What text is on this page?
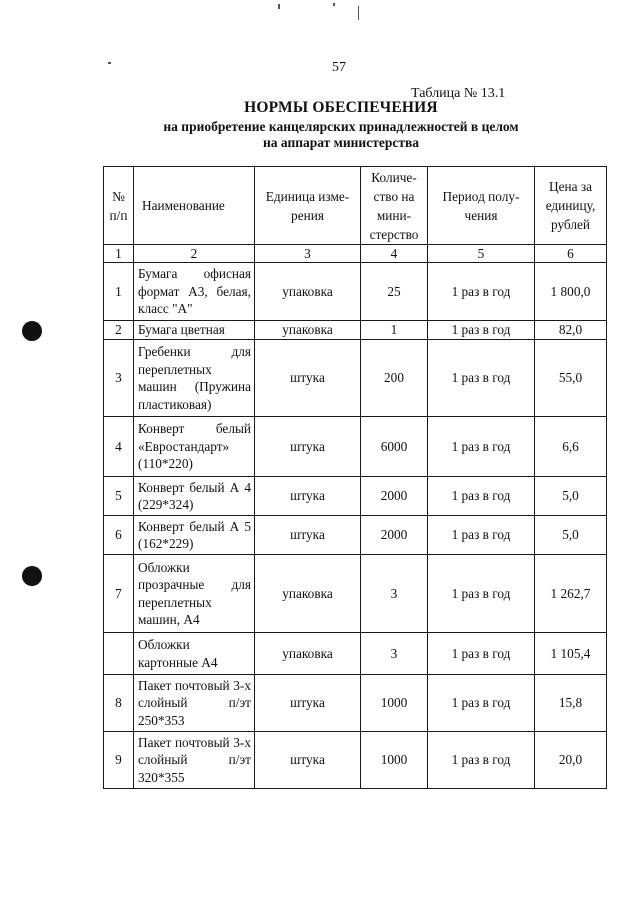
57
Таблица № 13.1
НОРМЫ ОБЕСПЕЧЕНИЯ
на приобретение канцелярских принадлежностей в целом
на аппарат министерства
№ п/п	Наименование	Единица изме-рения	Количе-ство на мини-стерство	Период полу-чения	Цена за единицу, рублей
1	2	3	4	5	6
1	Бумага офисная формат А3, белая, класс "А"	упаковка	25	1 раз в год	1 800,0
2	Бумага цветная	упаковка	1	1 раз в год	82,0
3	Гребенки для переплетных машин (Пружина пластиковая)	штука	200	1 раз в год	55,0
4	Конверт белый «Евростандарт» (110*220)	штука	6000	1 раз в год	6,6
5	Конверт белый А 4 (229*324)	штука	2000	1 раз в год	5,0
6	Конверт белый А 5 (162*229)	штука	2000	1 раз в год	5,0
7	Обложки прозрачные для переплетных машин, А4	упаковка	3	1 раз в год	1 262,7
	Обложки картонные А4	упаковка	3	1 раз в год	1 105,4
8	Пакет почтовый 3-х слойный п/эт 250*353	штука	1000	1 раз в год	15,8
9	Пакет почтовый 3-х слойный п/эт 320*355	штука	1000	1 раз в год	20,0
